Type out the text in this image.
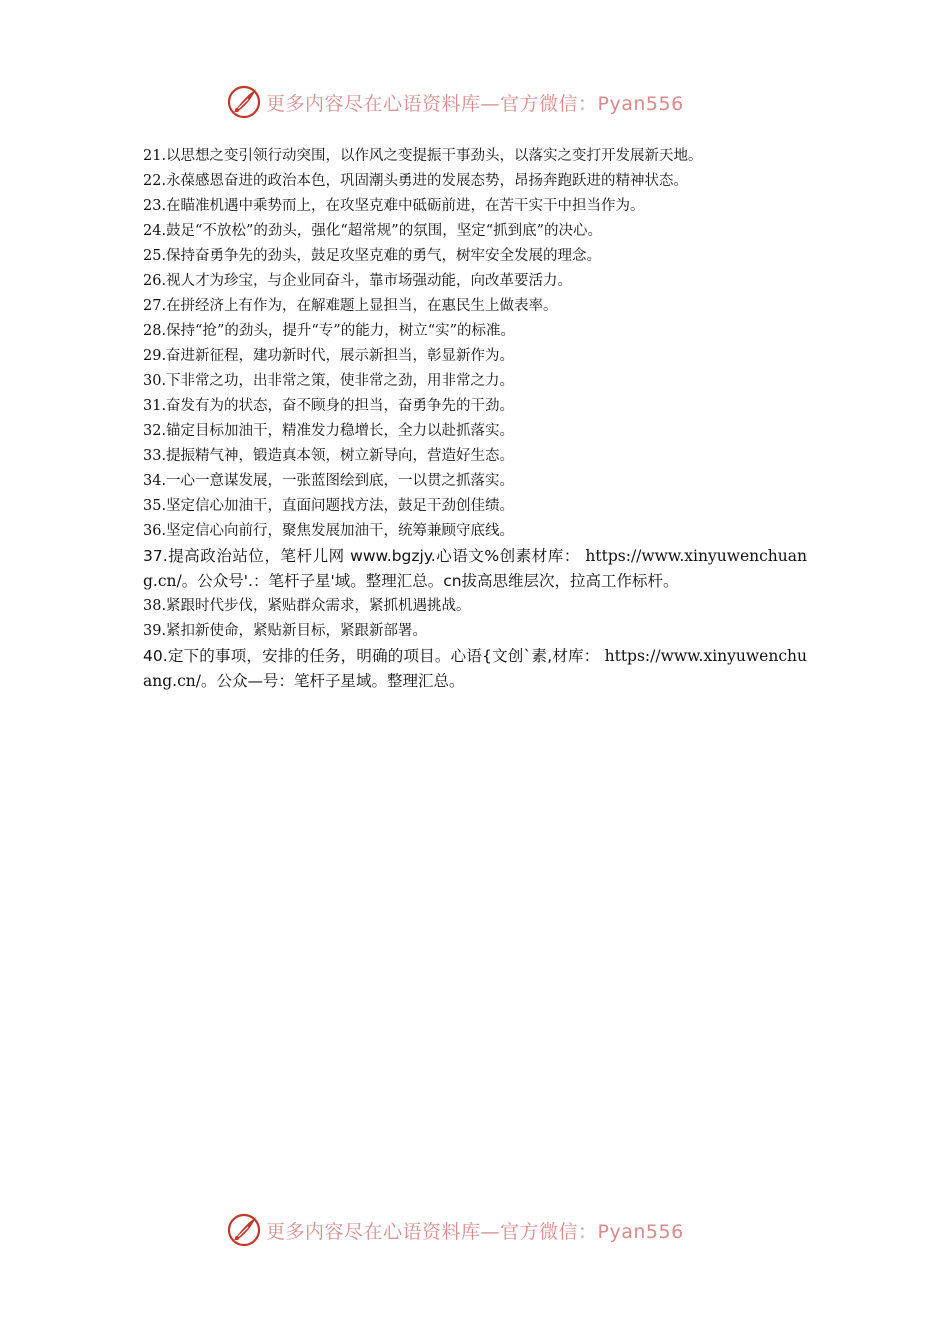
更多内容尽在心语资料库—官方微信：Pyan556

21.以思想之变引领行动突围，以作风之变提振干事劲头，以落实之变打开发展新天地。

22.永葆感恩奋进的政治本色，巩固潮头勇进的发展态势，昂扬奔跑跃进的精神状态。

23.在瞄准机遇中乘势而上，在攻坚克难中砥砺前进，在苦干实干中担当作为。

24.鼓足“不放松”的劲头，强化“超常规”的氛围，坚定“抓到底”的决心。

25.保持奋勇争先的劲头，鼓足攻坚克难的勇气，树牢安全发展的理念。

26.视人才为珍宝，与企业同奋斗，靠市场强动能，向改革要活力。

27.在拼经济上有作为，在解难题上显担当，在惠民生上做表率。

28.保持“抢”的劲头，提升“专”的能力，树立“实”的标准。

29.奋进新征程，建功新时代，展示新担当，彰显新作为。

30.下非常之功，出非常之策，使非常之劲，用非常之力。

31.奋发有为的状态，奋不顾身的担当，奋勇争先的干劲。

32.锚定目标加油干，精准发力稳增长，全力以赴抓落实。

33.提振精气神，锻造真本领，树立新导向，营造好生态。

34.一心一意谋发展，一张蓝图绘到底，一以贯之抓落实。

35.坚定信心加油干，直面问题找方法，鼓足干劲创佳绩。

36.坚定信心向前行，聚焦发展加油干，统筹兼顾守底线。

37.提高政治站位，笔杆儿网 www.bgzjy.心语文%创素材库： https://www.xinyuwenchuang.cn/。公众号'.：笔杆子星'域。整理汇总。cn拔高思维层次，拉高工作标杆。

38.紧跟时代步伐，紧贴群众需求，紧抓机遇挑战。

39.紧扣新使命，紧贴新目标，紧跟新部署。

40.定下的事项，安排的任务，明确的项目。心语{文创`素,材库： https://www.xinyuwenchuang.cn/。公众—号：笔杆子星域。整理汇总。

更多内容尽在心语资料库—官方微信：Pyan556
